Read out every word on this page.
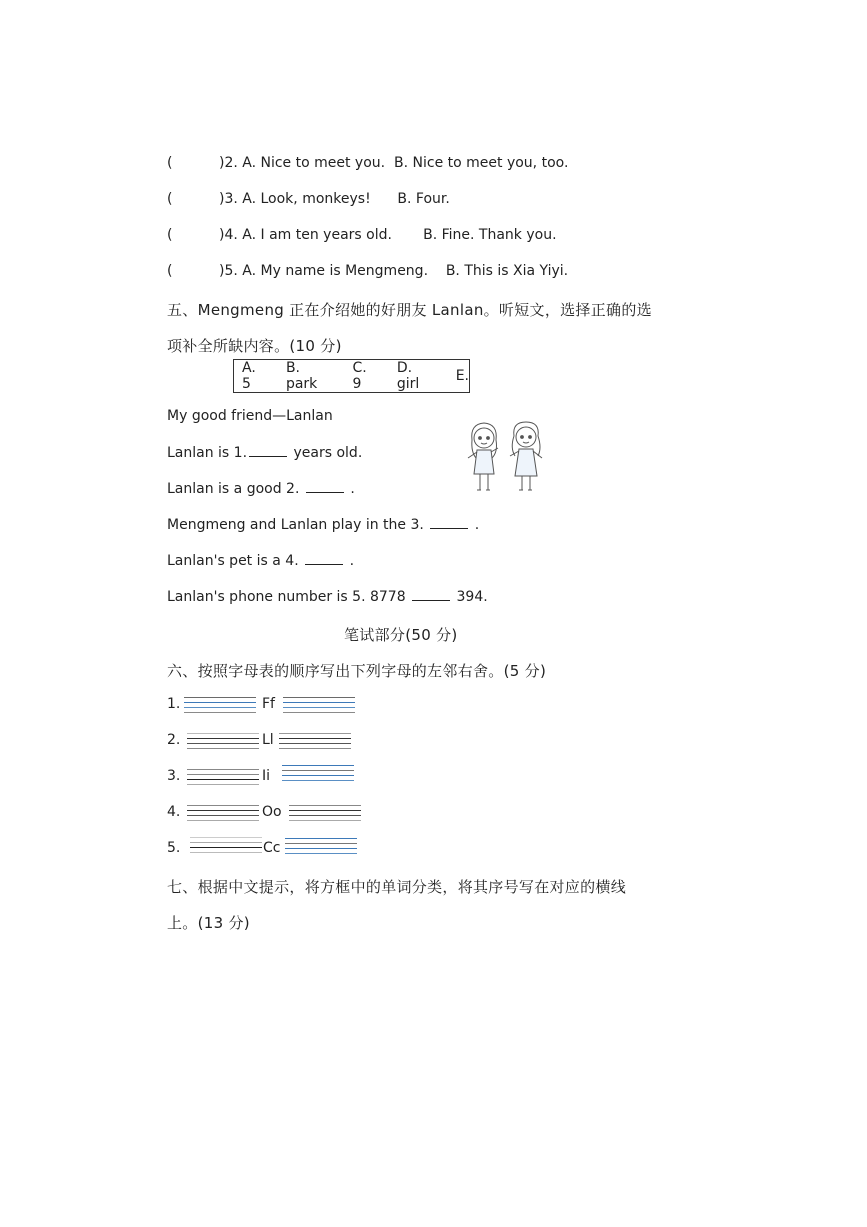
(	)2. A. Nice to meet you. B. Nice to meet you, too.
(	)3. A. Look, monkeys! B. Four.
(	)4. A. I am ten years old. B. Fine. Thank you.
(	)5. A. My name is Mengmeng. B. This is Xia Yiyi.
五、Mengmeng 正在介绍她的好朋友 Lanlan。听短文，选择正确的选
项补全所缺内容。(10 分)
A. 5
B. park
C. 9
D. girl	E.
My good friend—Lanlan
Lanlan is 1.	years old.
Lanlan is a good 2.	.
Mengmeng and Lanlan play in the 3.	.
Lanlan's pet is a 4.	.
Lanlan's phone number is 5. 8778	394.
笔试部分(50 分)
六、按照字母表的顺序写出下列字母的左邻右舍。(5 分)
1.	Ff
2.	Ll
3.	Ii
4.	Oo
5.	Cc
七、根据中文提示，将方框中的单词分类，将其序号写在对应的横线
上。(13 分)
